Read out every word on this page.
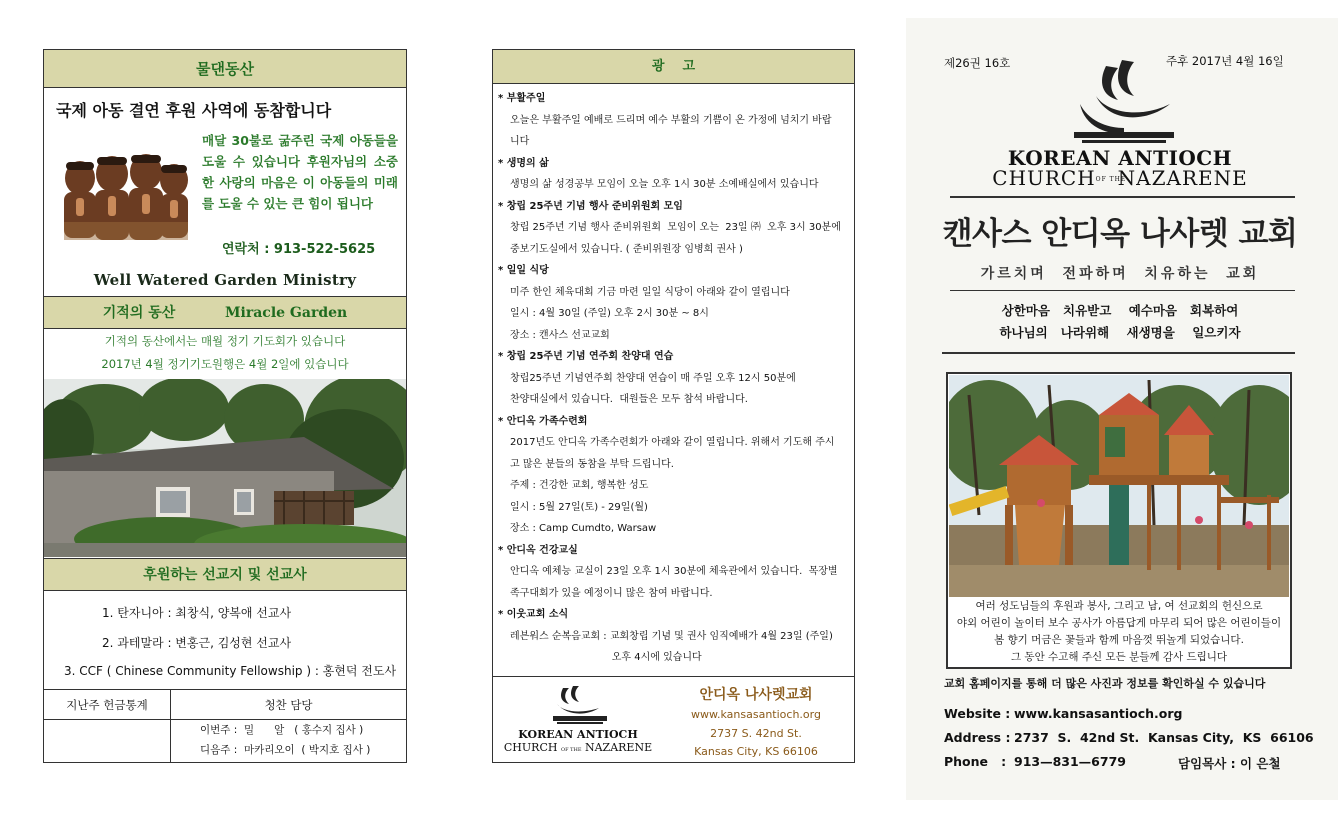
물댄동산
국제 아동 결연 후원 사역에 동참합니다
매달 30불로 굶주린 국제 아동들을 도울 수 있습니다 후원자님의 소중한 사랑의 마음은 이 아동들의 미래를 도울 수 있는 큰 힘이 됩니다
연락처 : 913-522-5625
Well Watered Garden Ministry
기적의 동산	Miracle Garden
기적의 동산에서는 매월 정기 기도회가 있습니다
2017년 4월 정기기도원행은 4월 2일에 있습니다
후원하는 선교지 및 선교사
1. 탄자니아 : 최창식, 양복애 선교사
2. 과테말라 : 변홍근, 김성현 선교사
3. CCF ( Chinese Community Fellowship ) : 홍현덕 전도사
지난주 헌금통계	청찬 담당
이번주 :  밀      알   ( 홍수지 집사 )
디음주 :  마카리오이  ( 박지호 집사 )
광    고
* 부활주일
오늘은 부활주일 예배로 드리며 예수 부활의 기쁨이 온 가정에 넘치기 바랍
니다
* 생명의 삶
생명의 삶 성경공부 모임이 오늘 오후 1시 30분 소예배실에서 있습니다
* 창립 25주년 기념 행사 준비위원회 모임
창립 25주년 기념 행사 준비위원회  모임이 오는  23일 ㈜  오후 3시 30분에
중보기도실에서 있습니다. ( 준비위원장 임병희 권사 )
* 일일 식당
미주 한인 체육대회 기금 마련 일일 식당이 아래와 같이 열립니다
일시 : 4월 30일 (주일) 오후 2시 30분 ~ 8시
장소 : 캔사스 선교교회
* 창립 25주년 기념 연주회 찬양대 연습
창립25주년 기념연주회 찬양대 연습이 매 주일 오후 12시 50분에
찬양대실에서 있습니다.  대원들은 모두 참석 바랍니다.
* 안디옥 가족수련회
2017년도 안디옥 가족수련회가 아래와 같이 열립니다. 위해서 기도해 주시
고 많은 분들의 동참을 부탁 드립니다.
주제 : 건강한 교회, 행복한 성도
일시 : 5월 27일(토) - 29일(월)
장소 : Camp Cumdto, Warsaw
* 안디옥 건강교실
안디옥 예체능 교실이 23일 오후 1시 30분에 체육관에서 있습니다.  목장별
족구대회가 있을 예정이니 많은 참여 바랍니다.
* 이웃교회 소식
레븐워스 순복음교회 : 교회창립 기념 및 권사 임직예배가 4월 23일 (주일)
오후 4시에 있습니다
KOREAN ANTIOCH
CHURCH OF THE NAZARENE
안디옥 나사렛교회
www.kansasantioch.org
2737 S. 42nd St.
Kansas City, KS 66106
제26권 16호	주후 2017년 4월 16일
KOREAN ANTIOCH
CHURCHOF THENAZARENE
캔사스 안디옥 나사렛 교회
가르치며  전파하며  치유하는  교회
상한마음   치유받고    예수마음   회복하여
하나님의   나라위해    새생명을    일으키자
여러 성도님들의 후원과 봉사, 그리고 남, 여 선교회의 헌신으로
야외 어린이 놀이터 보수 공사가 아름답게 마무리 되어 많은 어린이들이
봄 향기 머금은 꽃들과 함께 마음껏 뛰놀게 되었습니다.
그 동안 수고해 주신 모든 분들께 감사 드립니다
교회 홈페이지를 통해 더 많은 사진과 정보를 확인하실 수 있습니다
Website : www.kansasantioch.org
Address : 2737  S.  42nd St.  Kansas City,  KS  66106
Phone   : 913—831—6779	담임목사 : 이 은철
